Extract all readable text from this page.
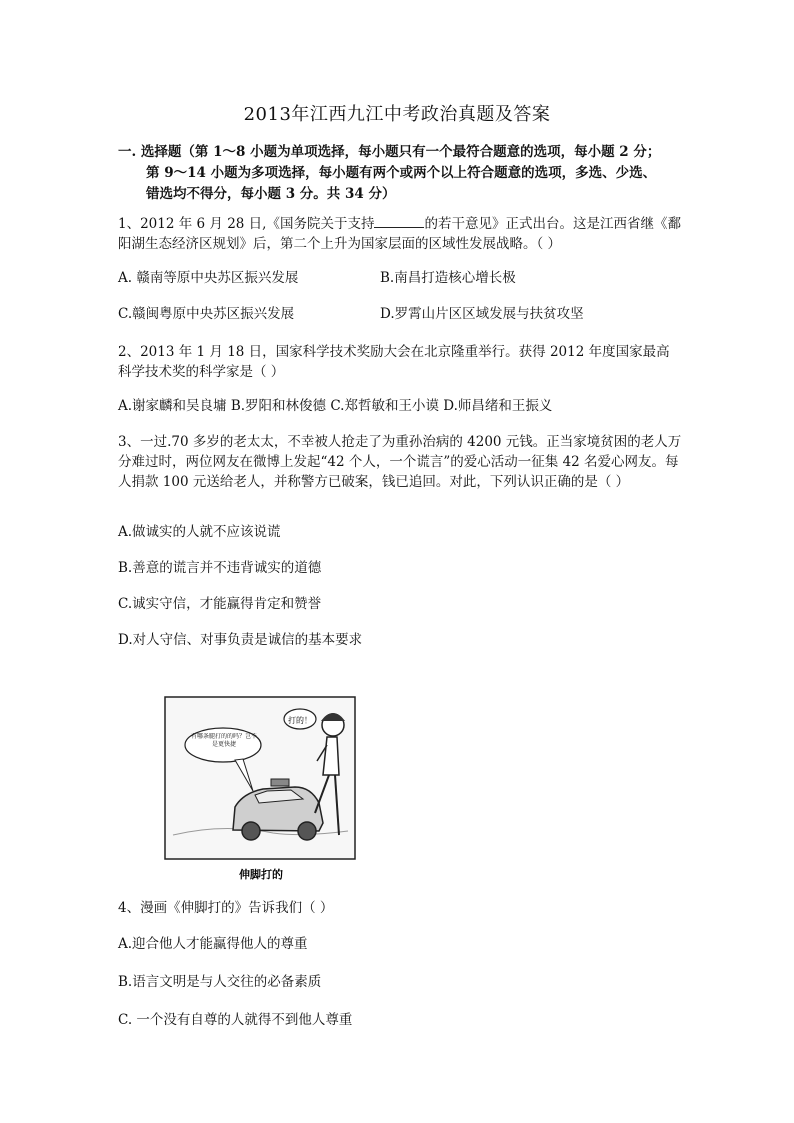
2013年江西九江中考政治真题及答案
一. 选择题（第 1～8 小题为单项选择，每小题只有一个最符合题意的选项，每小题 2 分；
第 9～14 小题为多项选择，每小题有两个或两个以上符合题意的选项，多选、少选、
错选均不得分，每小题 3 分。共 34 分）
1、2012 年 6 月 28 日,《国务院关于支持	的若干意见》正式出台。这是江西省继《鄱阳湖生态经济区规划》后，第二个上升为国家层面的区域性发展战略。（ ）
A. 赣南等原中央苏区振兴发展	B.南昌打造核心增长极
C.赣闽粤原中央苏区振兴发展	D.罗霄山片区区域发展与扶贫攻坚
2、2013 年 1 月 18 日，国家科学技术奖励大会在北京隆重举行。获得 2012 年度国家最高科学技术奖的科学家是（ ）
A.谢家麟和吴良墉 B.罗阳和林俊德 C.郑哲敏和王小谟 D.师昌绪和王振义
3、一过.70 多岁的老太太，不幸被人抢走了为重孙治病的 4200 元钱。正当家境贫困的老人万分难过时，两位网友在微博上发起“42 个人，一个谎言”的爱心活动一征集 42 名爱心网友。每人捐款 100 元送给老人，并称警方已破案，钱已追回。对此，下列认识正确的是（ ）
A.做诚实的人就不应该说谎
B.善意的谎言并不违背诚实的道德
C.诚实守信，才能赢得肯定和赞誉
D.对人守信、对事负责是诚信的基本要求
打的！
有哪条腿打的的吗？岂不是更快捷
伸脚打的
4、漫画《伸脚打的》告诉我们（ ）
A.迎合他人才能赢得他人的尊重
B.语言文明是与人交往的必备素质
C. 一个没有自尊的人就得不到他人尊重
